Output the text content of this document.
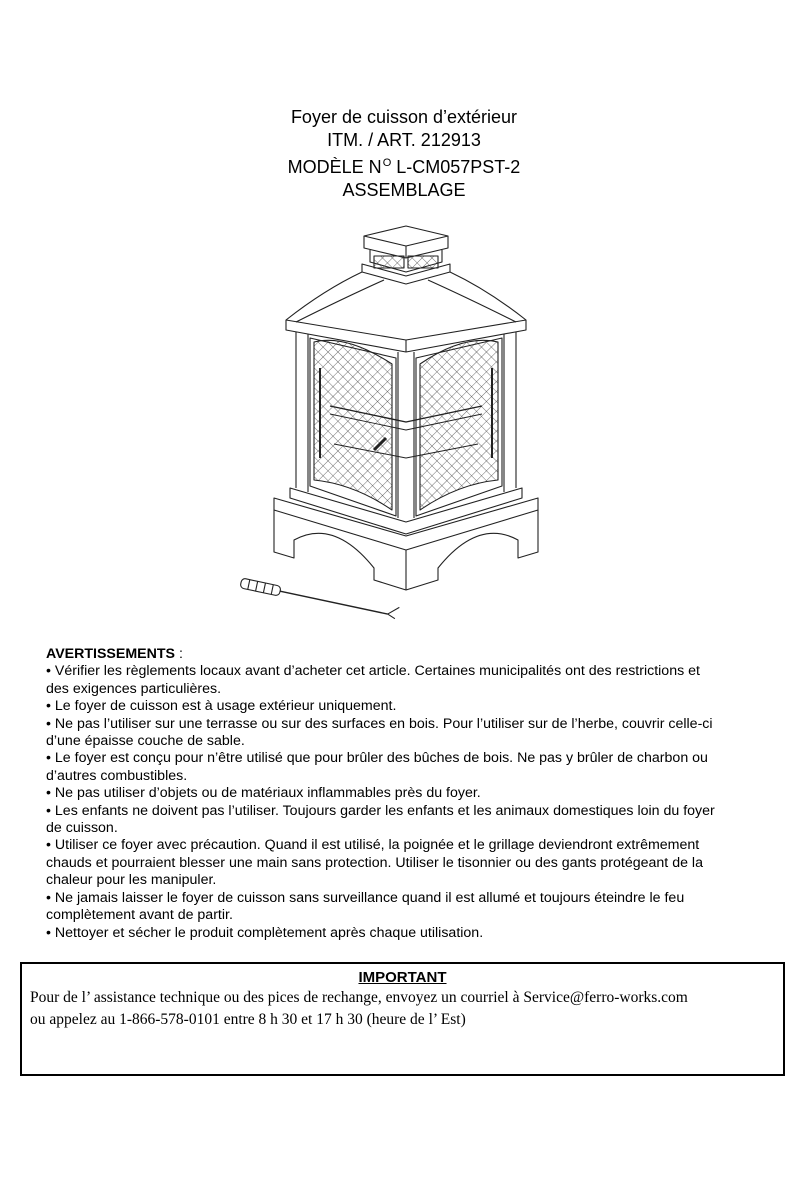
Foyer de cuisson d’extérieur
ITM. / ART. 212913
MODÈLE $N^O$ L-CM057PST-2
ASSEMBLAGE
AVERTISSEMENTS :
• Vérifier les règlements locaux avant d’acheter cet article. Certaines municipalités ont des restrictions et
des exigences particulières.
• Le foyer de cuisson est à usage extérieur uniquement.
• Ne pas l’utiliser sur une terrasse ou sur des surfaces en bois. Pour l’utiliser sur de l’herbe, couvrir celle-ci
d’une épaisse couche de sable.
• Le foyer est conçu pour n’être utilisé que pour brûler des bûches de bois. Ne pas y brûler de charbon ou
d’autres combustibles.
• Ne pas utiliser d’objets ou de matériaux inflammables près du foyer.
• Les enfants ne doivent pas l’utiliser. Toujours garder les enfants et les animaux domestiques loin du foyer
de cuisson.
• Utiliser ce foyer avec précaution. Quand il est utilisé, la poignée et le grillage deviendront extrêmement
chauds et pourraient blesser une main sans protection. Utiliser le tisonnier ou des gants protégeant de la
chaleur pour les manipuler.
• Ne jamais laisser le foyer de cuisson sans surveillance quand il est allumé et toujours éteindre le feu
complètement avant de partir.
• Nettoyer et sécher le produit complètement après chaque utilisation.
IMPORTANT
Pour de l’ assistance technique ou des pices de rechange, envoyez un courriel à Service@ferro-works.com
ou appelez au 1-866-578-0101 entre 8 h 30 et 17 h 30 (heure de l’ Est)
